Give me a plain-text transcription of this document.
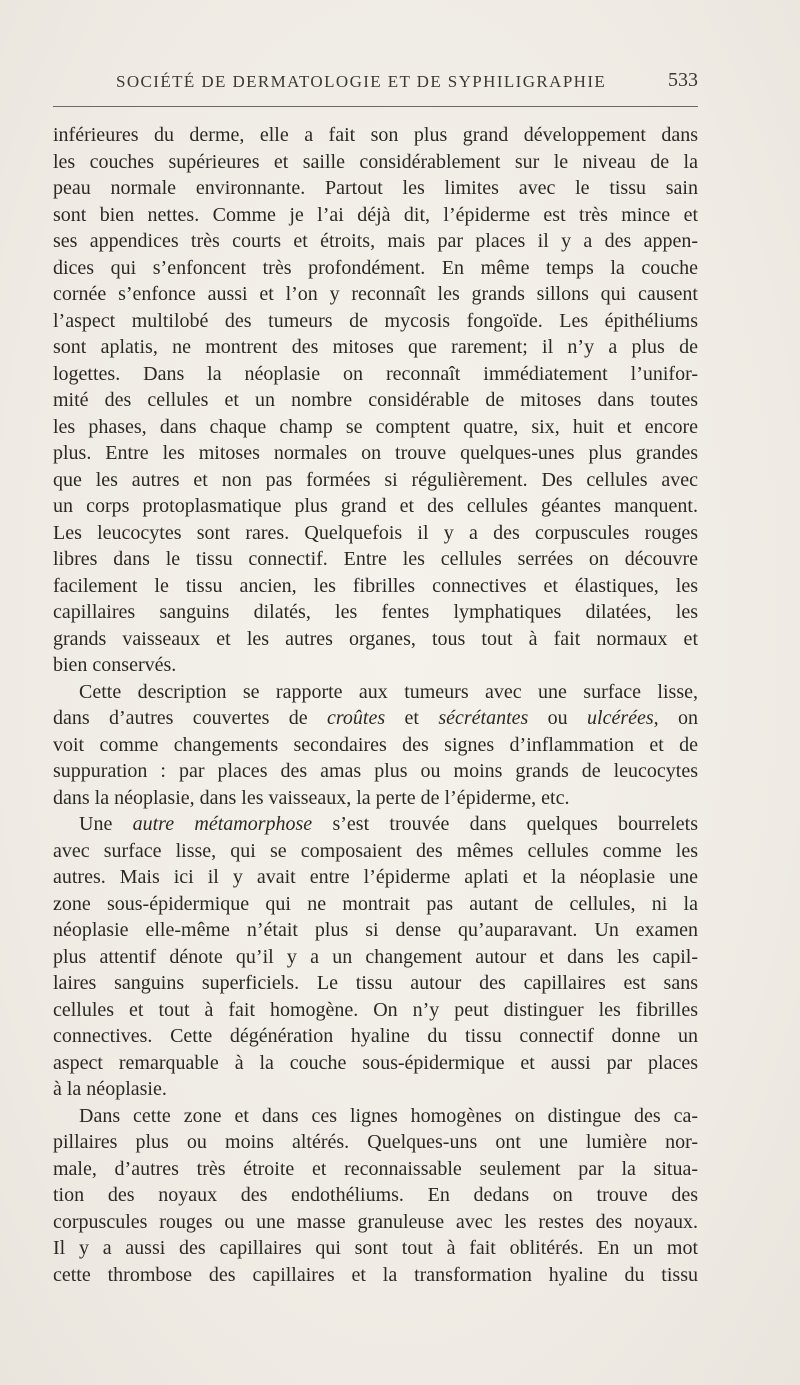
SOCIÉTÉ DE DERMATOLOGIE ET DE SYPHILIGRAPHIE	533
inférieures du derme, elle a fait son plus grand développement dans
les couches supérieures et saille considérablement sur le niveau de la
peau normale environnante. Partout les limites avec le tissu sain
sont bien nettes. Comme je l’ai déjà dit, l’épiderme est très mince et
ses appendices très courts et étroits, mais par places il y a des appen-
dices qui s’enfoncent très profondément. En même temps la couche
cornée s’enfonce aussi et l’on y reconnaît les grands sillons qui causent
l’aspect multilobé des tumeurs de mycosis fongoïde. Les épithéliums
sont aplatis, ne montrent des mitoses que rarement; il n’y a plus de
logettes. Dans la néoplasie on reconnaît immédiatement l’unifor-
mité des cellules et un nombre considérable de mitoses dans toutes
les phases, dans chaque champ se comptent quatre, six, huit et encore
plus. Entre les mitoses normales on trouve quelques-unes plus grandes
que les autres et non pas formées si régulièrement. Des cellules avec
un corps protoplasmatique plus grand et des cellules géantes manquent.
Les leucocytes sont rares. Quelquefois il y a des corpuscules rouges
libres dans le tissu connectif. Entre les cellules serrées on découvre
facilement le tissu ancien, les fibrilles connectives et élastiques, les
capillaires sanguins dilatés, les fentes lymphatiques dilatées, les
grands vaisseaux et les autres organes, tous tout à fait normaux et
bien conservés.
Cette description se rapporte aux tumeurs avec une surface lisse,
dans d’autres couvertes de croûtes et sécrétantes ou ulcérées, on
voit comme changements secondaires des signes d’inflammation et de
suppuration : par places des amas plus ou moins grands de leucocytes
dans la néoplasie, dans les vaisseaux, la perte de l’épiderme, etc.
Une autre métamorphose s’est trouvée dans quelques bourrelets
avec surface lisse, qui se composaient des mêmes cellules comme les
autres. Mais ici il y avait entre l’épiderme aplati et la néoplasie une
zone sous-épidermique qui ne montrait pas autant de cellules, ni la
néoplasie elle-même n’était plus si dense qu’auparavant. Un examen
plus attentif dénote qu’il y a un changement autour et dans les capil-
laires sanguins superficiels. Le tissu autour des capillaires est sans
cellules et tout à fait homogène. On n’y peut distinguer les fibrilles
connectives. Cette dégénération hyaline du tissu connectif donne un
aspect remarquable à la couche sous-épidermique et aussi par places
à la néoplasie.
Dans cette zone et dans ces lignes homogènes on distingue des ca-
pillaires plus ou moins altérés. Quelques-uns ont une lumière nor-
male, d’autres très étroite et reconnaissable seulement par la situa-
tion des noyaux des endothéliums. En dedans on trouve des
corpuscules rouges ou une masse granuleuse avec les restes des noyaux.
Il y a aussi des capillaires qui sont tout à fait oblitérés. En un mot
cette thrombose des capillaires et la transformation hyaline du tissu
